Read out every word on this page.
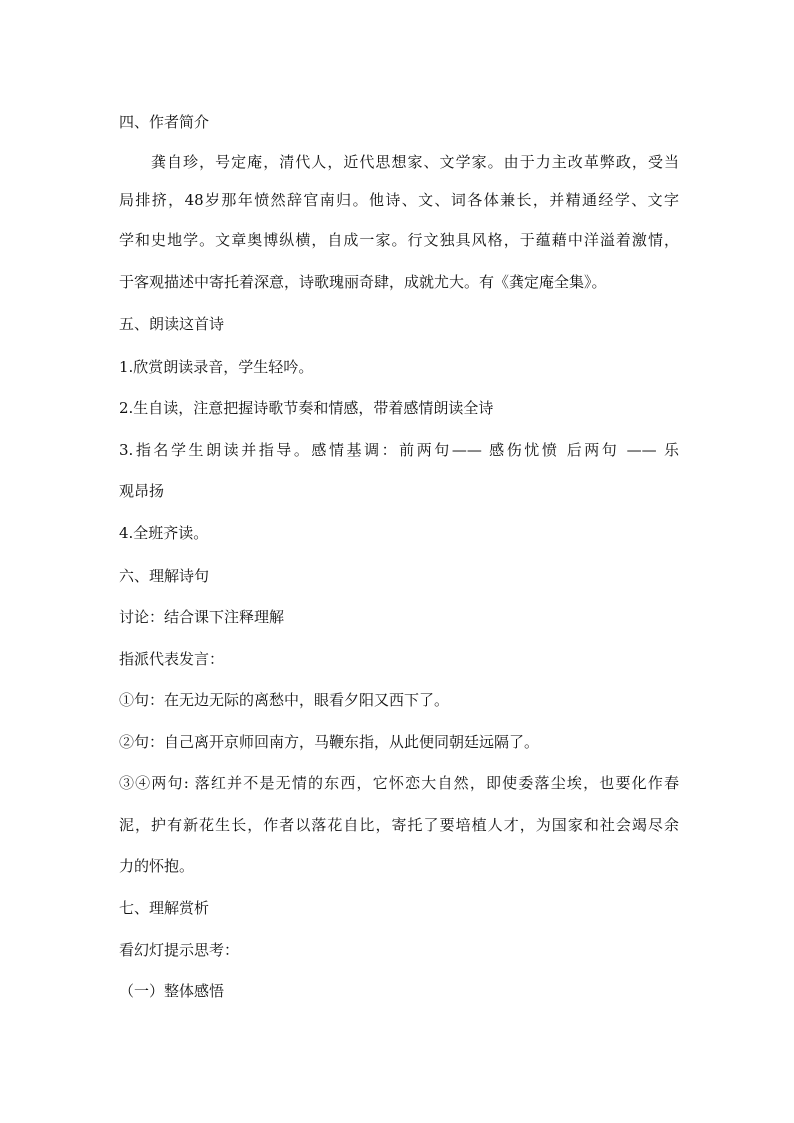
四、作者简介
龚自珍，号定庵，清代人，近代思想家、文学家。由于力主改革弊政，受当
局排挤，48岁那年愤然辞官南归。他诗、文、词各体兼长，并精通经学、文字
学和史地学。文章奥博纵横，自成一家。行文独具风格，于蕴藉中洋溢着激情，
于客观描述中寄托着深意，诗歌瑰丽奇肆，成就尤大。有《龚定庵全集》。
五、朗读这首诗
1.欣赏朗读录音，学生轻吟。
2.生自读，注意把握诗歌节奏和情感，带着感情朗读全诗
3.指名学生朗读并指导。感情基调：前两句—— 感伤忧愤 后两句 —— 乐
观昂扬
4.全班齐读。
六、理解诗句
讨论：结合课下注释理解
指派代表发言：
①句：在无边无际的离愁中，眼看夕阳又西下了。
②句：自己离开京师回南方，马鞭东指，从此便同朝廷远隔了。
③④两句: 落红并不是无情的东西，它怀恋大自然，即使委落尘埃，也要化作春
泥，护有新花生长，作者以落花自比，寄托了要培植人才，为国家和社会竭尽余
力的怀抱。
七、理解赏析
看幻灯提示思考：
（一）整体感悟
